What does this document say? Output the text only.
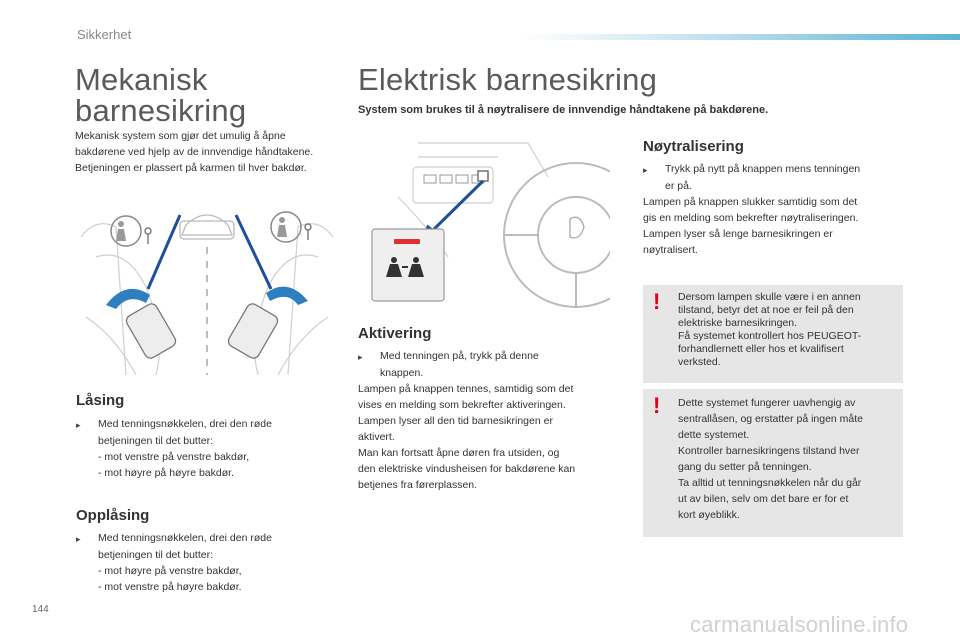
Sikkerhet
Mekanisk
barnesikring
Mekanisk system som gjør det umulig å åpne
bakdørene ved hjelp av de innvendige håndtakene.
Betjeningen er plassert på karmen til hver bakdør.
Låsing
▸	Med tenningsnøkkelen, drei den røde
betjeningen til det butter:
- mot venstre på venstre bakdør,
- mot høyre på høyre bakdør.
Opplåsing
▸	Med tenningsnøkkelen, drei den røde
betjeningen til det butter:
- mot høyre på venstre bakdør,
- mot venstre på høyre bakdør.
Elektrisk barnesikring
System som brukes til å nøytralisere de innvendige håndtakene på bakdørene.
Aktivering
▸	Med tenningen på, trykk på denne
knappen.
Lampen på knappen tennes, samtidig som det
vises en melding som bekrefter aktiveringen.
Lampen lyser all den tid barnesikringen er
aktivert.
Man kan fortsatt åpne døren fra utsiden, og
den elektriske vindusheisen for bakdørene kan
betjenes fra førerplassen.
Nøytralisering
▸	Trykk på nytt på knappen mens tenningen
er på.
Lampen på knappen slukker samtidig som det
gis en melding som bekrefter nøytraliseringen.
Lampen lyser så lenge barnesikringen er
nøytralisert.
!	Dersom lampen skulle være i en annen
tilstand, betyr det at noe er feil på den
elektriske barnesikringen.
Få systemet kontrollert hos PEUGEOT-
forhandlernett eller hos et kvalifisert
verksted.
!	Dette systemet fungerer uavhengig av
sentrallåsen, og erstatter på ingen måte
dette systemet.
Kontroller barnesikringens tilstand hver
gang du setter på tenningen.
Ta alltid ut tenningsnøkkelen når du går
ut av bilen, selv om det bare er for et
kort øyeblikk.
144
carmanualsonline.info
